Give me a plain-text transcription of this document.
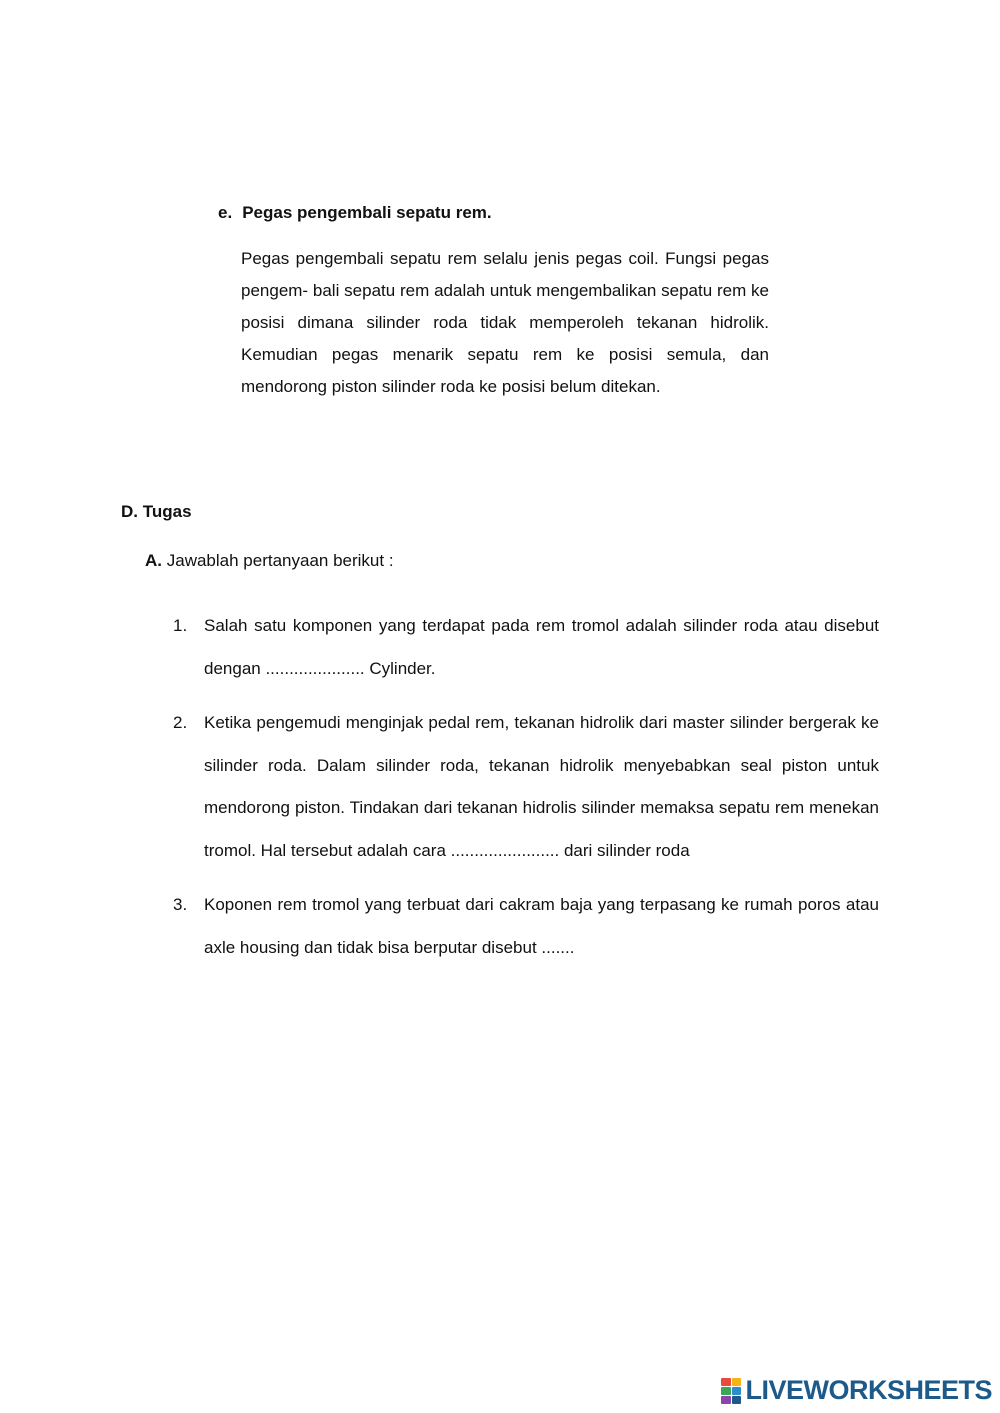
e. Pegas pengembali sepatu rem.
Pegas pengembali sepatu rem selalu jenis pegas coil. Fungsi pegas pengem- bali sepatu rem adalah untuk mengembalikan sepatu rem ke posisi dimana silinder roda tidak memperoleh tekanan hidrolik. Kemudian pegas menarik sepatu rem ke posisi semula, dan mendorong piston silinder roda ke posisi belum ditekan.
D. Tugas
A. Jawablah pertanyaan berikut :
1. Salah satu komponen yang terdapat pada rem tromol adalah silinder roda atau disebut dengan ..................... Cylinder.
2. Ketika pengemudi menginjak pedal rem, tekanan hidrolik dari master silinder bergerak ke silinder roda. Dalam silinder roda, tekanan hidrolik menyebabkan seal piston untuk mendorong piston. Tindakan dari tekanan hidrolis silinder memaksa sepatu rem menekan tromol. Hal tersebut adalah cara ....................... dari silinder roda
3. Koponen rem tromol yang terbuat dari cakram baja yang terpasang ke rumah poros atau axle housing dan tidak bisa berputar disebut .......
LIVEWORKSHEETS
